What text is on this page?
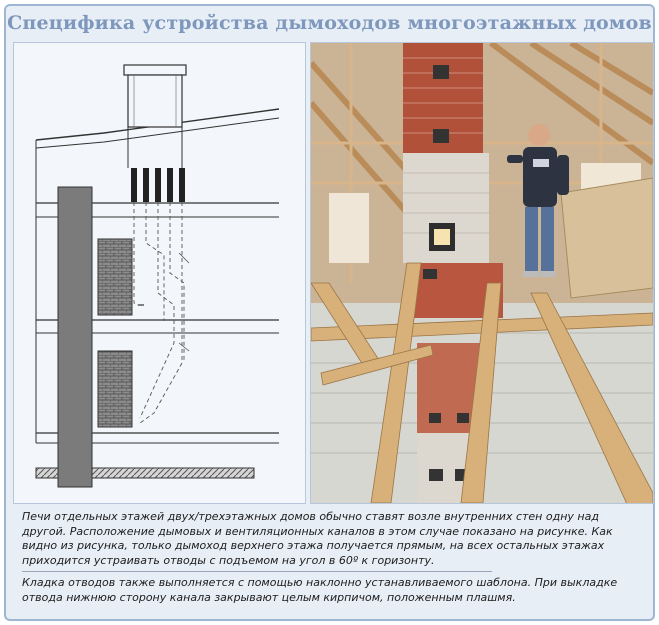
Специфика устройства дымоходов многоэтажных домов

Печи отдельных этажей двух/трехэтажных домов обычно ставят возле внутренних стен одну над другой. Расположение дымовых и вентиляционных каналов в этом случае показано на рисунке. Как видно из рисунка, только дымоход верхнего этажа получается прямым, на всех остальных этажах приходится устраивать отводы с подъемом на угол в 60º к горизонту.

Кладка отводов также выполняется с помощью наклонно устанавливаемого шаблона. При выкладке отвода нижнюю сторону канала закрывают целым кирпичом, положенным плашмя.
